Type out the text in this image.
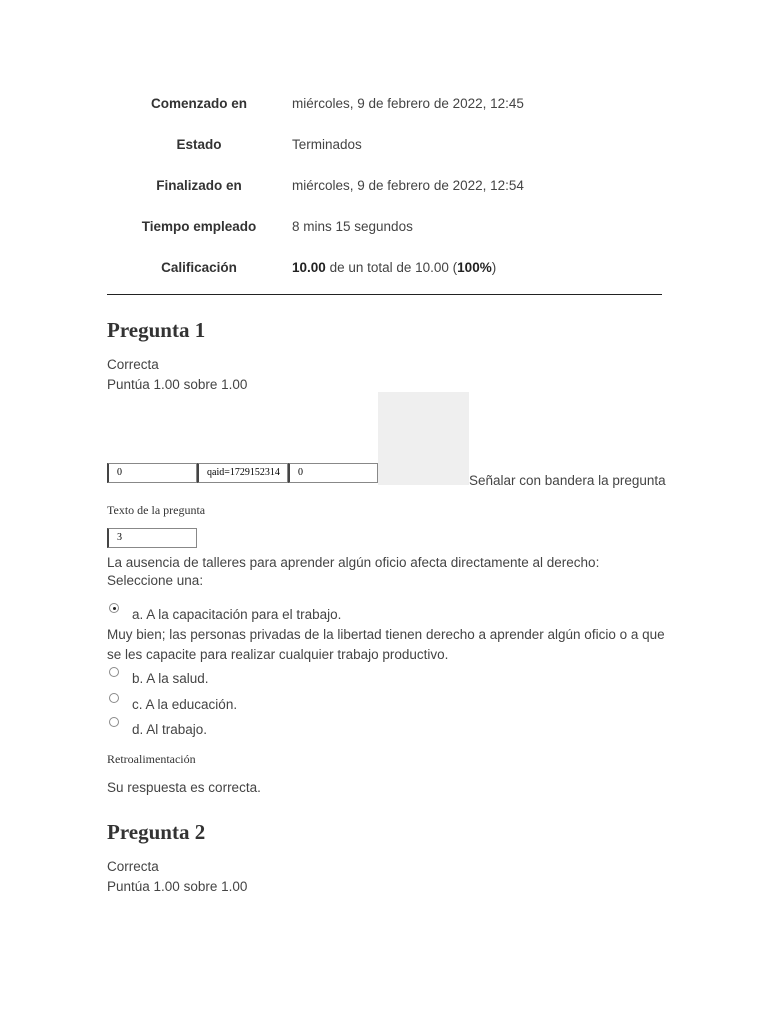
Comenzado en	miércoles, 9 de febrero de 2022, 12:45
Estado	Terminados
Finalizado en	miércoles, 9 de febrero de 2022, 12:54
Tiempo empleado	8 mins 15 segundos
Calificación	10.00 de un total de 10.00 (100%)
Pregunta 1
Correcta
Puntúa 1.00 sobre 1.00
0	qaid=1729152314	0
Señalar con bandera la pregunta
Texto de la pregunta
3
La ausencia de talleres para aprender algún oficio afecta directamente al derecho:
Seleccione una:
a. A la capacitación para el trabajo.
Muy bien; las personas privadas de la libertad tienen derecho a aprender algún oficio o a que
se les capacite para realizar cualquier trabajo productivo.
b. A la salud.
c. A la educación.
d. Al trabajo.
Retroalimentación
Su respuesta es correcta.
Pregunta 2
Correcta
Puntúa 1.00 sobre 1.00
